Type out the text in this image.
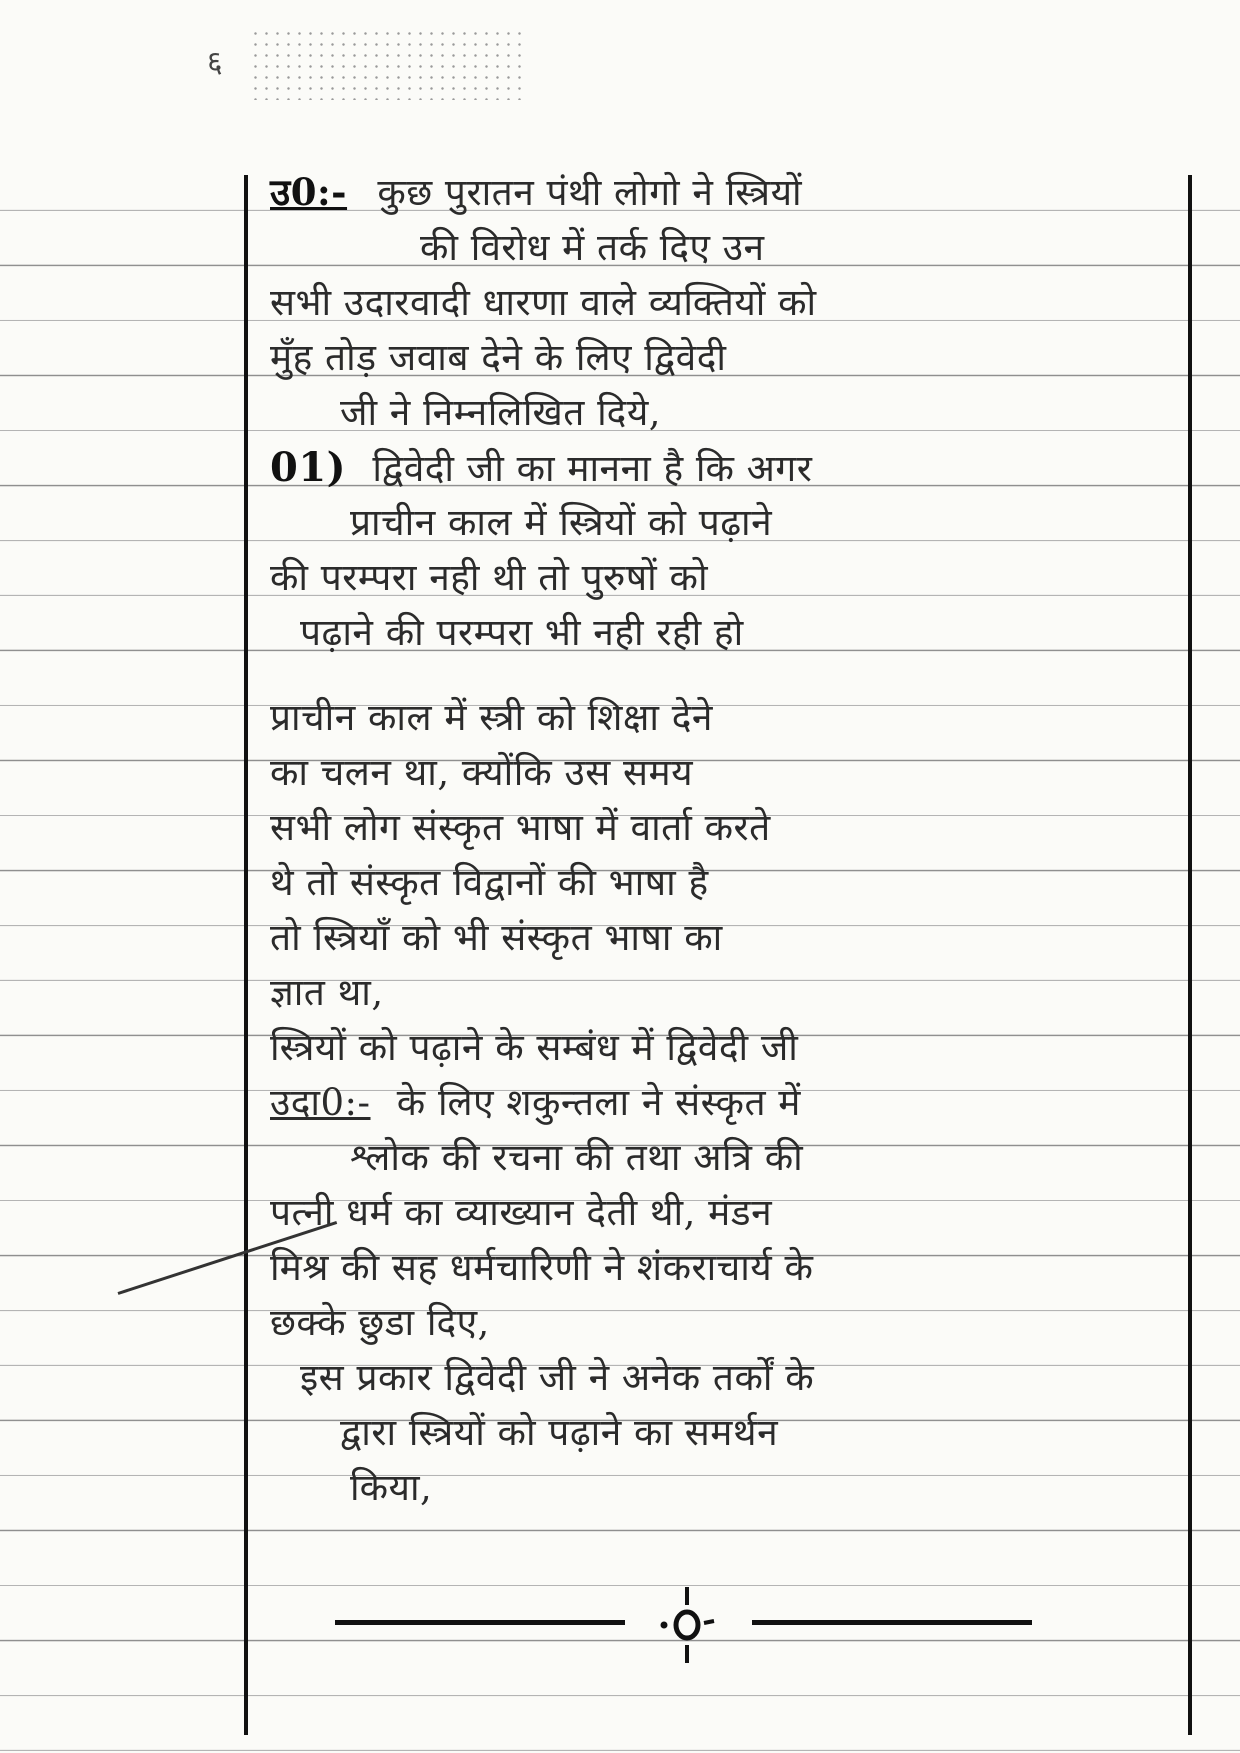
६
उ0:- कुछ पुरातन पंथी लोगो ने स्त्रियों
की विरोध में तर्क दिए उन
सभी उदारवादी धारणा वाले व्यक्तियों को
मुँह तोड़ जवाब देने के लिए द्विवेदी
जी ने निम्नलिखित दिये,
01) द्विवेदी जी का मानना है कि अगर
प्राचीन काल में स्त्रियों को पढ़ाने
की परम्परा नही थी तो पुरुषों को
पढ़ाने की परम्परा भी नही रही हो
प्राचीन काल में स्त्री को शिक्षा देने
का चलन था, क्योंकि उस समय
सभी लोग संस्कृत भाषा में वार्ता करते
थे तो संस्कृत विद्वानों की भाषा है
तो स्त्रियाँ को भी संस्कृत भाषा का
ज्ञात था,
स्त्रियों को पढ़ाने के सम्बंध में द्विवेदी जी
उदा0:- के लिए शकुन्तला ने संस्कृत में
श्लोक की रचना की तथा अत्रि की
पत्नी धर्म का व्याख्यान देती थी, मंडन
मिश्र की सह धर्मचारिणी ने शंकराचार्य के
छक्के छुडा दिए,
इस प्रकार द्विवेदी जी ने अनेक तर्कों के
द्वारा स्त्रियों को पढ़ाने का समर्थन
किया,
